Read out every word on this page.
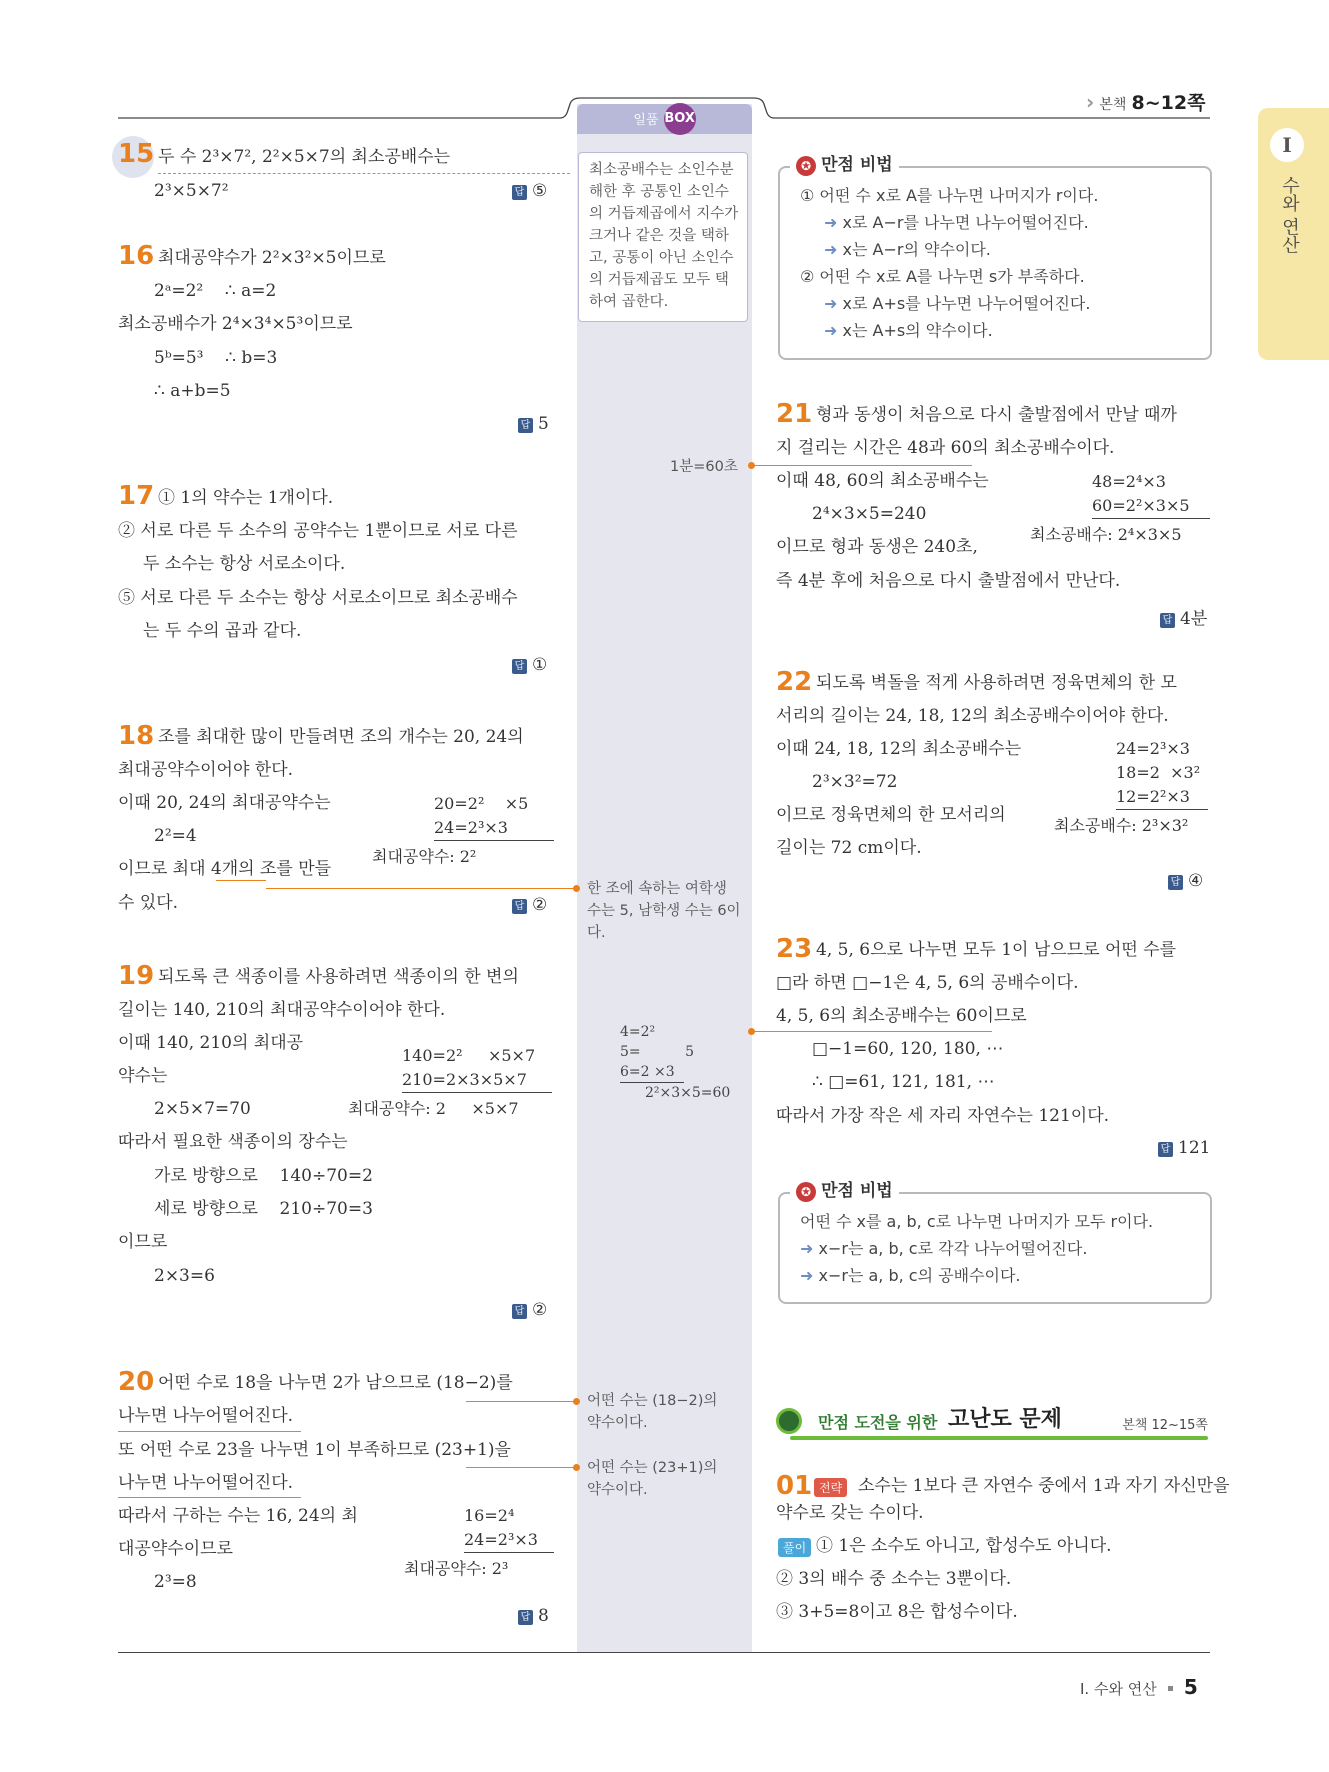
› 본책 8~12쪽
일품 BOX
최소공배수는 소인수분
해한 후 공통인 소인수
의 거듭제곱에서 지수가
크거나 같은 것을 택하
고, 공통이 아닌 소인수
의 거듭제곱도 모두 택
하여 곱한다.
1분=60초
한 조에 속하는 여학생
수는 5, 남학생 수는 6이
다.
4=2²
5=          5
6=2 ×3
2²×3×5=60
어떤 수는 (18−2)의
약수이다.
어떤 수는 (23+1)의
약수이다.
I
수와 연산
15 두 수 2³×7², 2²×5×7의 최소공배수는
2³×5×7²	답 ⑤
16 최대공약수가 2²×3²×5이므로
2ᵃ=2²    ∴ a=2
최소공배수가 2⁴×3⁴×5³이므로
5ᵇ=5³    ∴ b=3
∴ a+b=5
답 5
17 ① 1의 약수는 1개이다.
② 서로 다른 두 소수의 공약수는 1뿐이므로 서로 다른
두 소수는 항상 서로소이다.
⑤ 서로 다른 두 소수는 항상 서로소이므로 최소공배수
는 두 수의 곱과 같다.
답 ①
18 조를 최대한 많이 만들려면 조의 개수는 20, 24의
최대공약수이어야 한다.
이때 20, 24의 최대공약수는
2²=4
이므로 최대 4개의 조를 만들
수 있다.
20=2²    ×5
24=2³×3
최대공약수: 2²
답 ②
19 되도록 큰 색종이를 사용하려면 색종이의 한 변의
길이는 140, 210의 최대공약수이어야 한다.
이때 140, 210의 최대공
약수는
2×5×7=70
따라서 필요한 색종이의 장수는
가로 방향으로    140÷70=2
세로 방향으로    210÷70=3
이므로
2×3=6
140=2²     ×5×7
210=2×3×5×7
최대공약수: 2     ×5×7
답 ②
20 어떤 수로 18을 나누면 2가 남으므로 (18−2)를
나누면 나누어떨어진다.
또 어떤 수로 23을 나누면 1이 부족하므로 (23+1)을
나누면 나누어떨어진다.
따라서 구하는 수는 16, 24의 최
대공약수이므로
2³=8
16=2⁴
24=2³×3
최대공약수: 2³
답 8
✪ 만점 비법
① 어떤 수 x로 A를 나누면 나머지가 r이다.
➜ x로 A−r를 나누면 나누어떨어진다.
➜ x는 A−r의 약수이다.
② 어떤 수 x로 A를 나누면 s가 부족하다.
➜ x로 A+s를 나누면 나누어떨어진다.
➜ x는 A+s의 약수이다.
21 형과 동생이 처음으로 다시 출발점에서 만날 때까
지 걸리는 시간은 48과 60의 최소공배수이다.
이때 48, 60의 최소공배수는
2⁴×3×5=240
이므로 형과 동생은 240초,
즉 4분 후에 처음으로 다시 출발점에서 만난다.
48=2⁴×3
60=2²×3×5
최소공배수: 2⁴×3×5
답 4분
22 되도록 벽돌을 적게 사용하려면 정육면체의 한 모
서리의 길이는 24, 18, 12의 최소공배수이어야 한다.
이때 24, 18, 12의 최소공배수는
2³×3²=72
이므로 정육면체의 한 모서리의
길이는 72 cm이다.
24=2³×3
18=2  ×3²
12=2²×3
최소공배수: 2³×3²
답 ④
23 4, 5, 6으로 나누면 모두 1이 남으므로 어떤 수를
□라 하면 □−1은 4, 5, 6의 공배수이다.
4, 5, 6의 최소공배수는 60이므로
□−1=60, 120, 180, ⋯
∴ □=61, 121, 181, ⋯
따라서 가장 작은 세 자리 자연수는 121이다.
답 121
✪ 만점 비법
어떤 수 x를 a, b, c로 나누면 나머지가 모두 r이다.
➜ x−r는 a, b, c로 각각 나누어떨어진다.
➜ x−r는 a, b, c의 공배수이다.
만점 도전을 위한 고난도 문제	본책 12~15쪽
01 전략 소수는 1보다 큰 자연수 중에서 1과 자기 자신만을
약수로 갖는 수이다.
풀이 ① 1은 소수도 아니고, 합성수도 아니다.
② 3의 배수 중 소수는 3뿐이다.
③ 3+5=8이고 8은 합성수이다.
I. 수와 연산 5
